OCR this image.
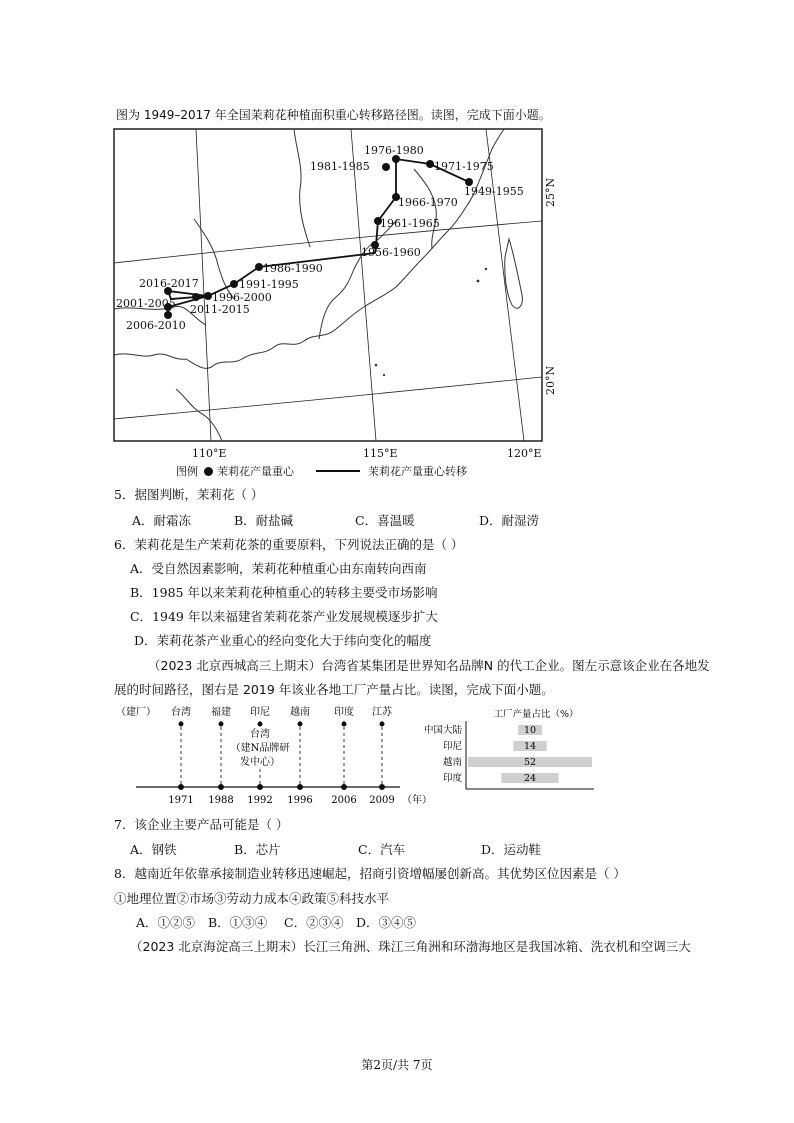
图为 1949–2017 年全国茉莉花种植面积重心转移路径图。读图，完成下面小题。
1976-1980
1981-1985	1971-1975
1949-1955
1966-1970
1961-1965
1956-1960
1986-1990
1991-1995
1996-2000
2011-2015
2016-2017
2001-2005
2006-2010
110°E	115°E	120°E
25°N
20°N
图例 茉莉花产量重心	茉莉花产量重心转移
5．据图判断，茉莉花（ ）
A．耐霜冻	B．耐盐碱	C．喜温暖	D．耐湿涝
6．茉莉花是生产茉莉花茶的重要原料，下列说法正确的是（ ）
A．受自然因素影响，茉莉花种植重心由东南转向西南
B．1985 年以来茉莉花种植重心的转移主要受市场影响
C．1949 年以来福建省茉莉花茶产业发展规模逐步扩大
D．茉莉花茶产业重心的经向变化大于纬向变化的幅度
（2023 北京西城高三上期末）台湾省某集团是世界知名品牌N 的代工企业。图左示意该企业在各地发
展的时间路径，图右是 2019 年该业各地工厂产量占比。读图，完成下面小题。
（建厂） 台湾 福建 印尼 越南 印度 江苏
台湾
（建N品牌研
发中心）
1971 1988 1992 1996 2006 2009 （年）
工厂产量占比（%）
中国大陆	10
印尼	14
越南	52
印度	24
7．该企业主要产品可能是（ ）
A．钢铁	B．芯片	C．汽车	D．运动鞋
8．越南近年依靠承接制造业转移迅速崛起，招商引资增幅屡创新高。其优势区位因素是（ ）
①地理位置②市场③劳动力成本④政策⑤科技水平
A．①②⑤ B．①③④ C．②③④ D．③④⑤
（2023 北京海淀高三上期末）长江三角洲、珠江三角洲和环渤海地区是我国冰箱、洗衣机和空调三大
第2页/共 7页
